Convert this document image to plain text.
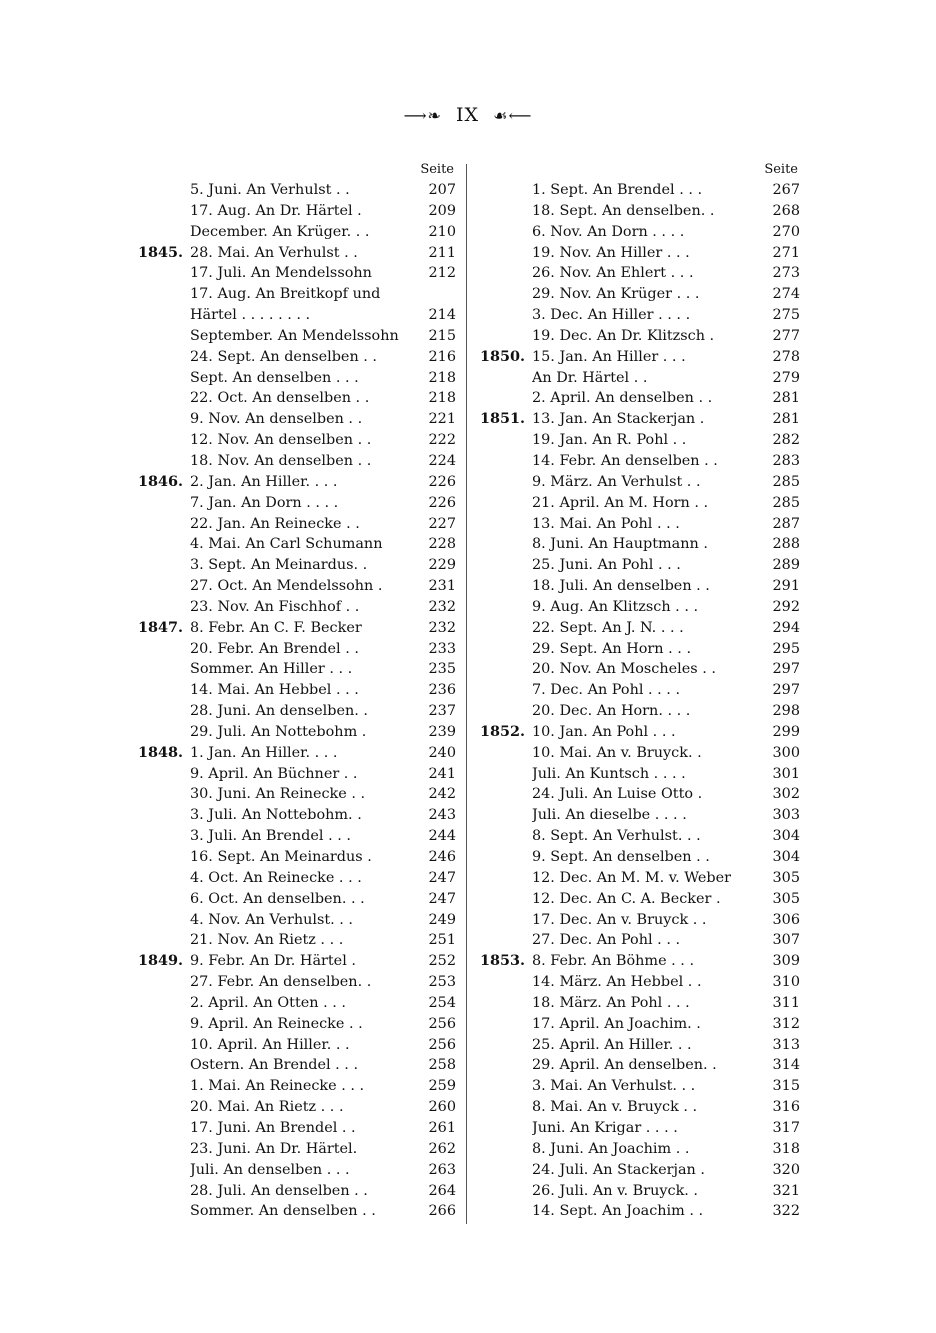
⟶❧ IX ☙⟵
Seite
5. Juni. An Verhulst . .	207
17. Aug. An Dr. Härtel .	209
December. An Krüger. . .	210
1845. 28. Mai. An Verhulst . .	211
17. Juli. An Mendelssohn	212
17. Aug. An Breitkopf und
Härtel . . . . . . . .	214
September. An Mendelssohn	215
24. Sept. An denselben . .	216
Sept. An denselben . . .	218
22. Oct. An denselben . .	218
9. Nov. An denselben . .	221
12. Nov. An denselben . .	222
18. Nov. An denselben . .	224
1846. 2. Jan. An Hiller. . . .	226
7. Jan. An Dorn . . . .	226
22. Jan. An Reinecke . .	227
4. Mai. An Carl Schumann	228
3. Sept. An Meinardus. .	229
27. Oct. An Mendelssohn .	231
23. Nov. An Fischhof . .	232
1847. 8. Febr. An C. F. Becker	232
20. Febr. An Brendel . .	233
Sommer. An Hiller . . .	235
14. Mai. An Hebbel . . .	236
28. Juni. An denselben. .	237
29. Juli. An Nottebohm .	239
1848. 1. Jan. An Hiller. . . .	240
9. April. An Büchner . .	241
30. Juni. An Reinecke . .	242
3. Juli. An Nottebohm. .	243
3. Juli. An Brendel . . .	244
16. Sept. An Meinardus .	246
4. Oct. An Reinecke . . .	247
6. Oct. An denselben. . .	247
4. Nov. An Verhulst. . .	249
21. Nov. An Rietz . . .	251
1849. 9. Febr. An Dr. Härtel .	252
27. Febr. An denselben. .	253
2. April. An Otten . . .	254
9. April. An Reinecke . .	256
10. April. An Hiller. . .	256
Ostern. An Brendel . . .	258
1. Mai. An Reinecke . . .	259
20. Mai. An Rietz . . .	260
17. Juni. An Brendel . .	261
23. Juni. An Dr. Härtel.	262
Juli. An denselben . . .	263
28. Juli. An denselben . .	264
Sommer. An denselben . .	266
Seite
1. Sept. An Brendel . . .	267
18. Sept. An denselben. .	268
6. Nov. An Dorn . . . .	270
19. Nov. An Hiller . . .	271
26. Nov. An Ehlert . . .	273
29. Nov. An Krüger . . .	274
3. Dec. An Hiller . . . .	275
19. Dec. An Dr. Klitzsch .	277
1850. 15. Jan. An Hiller . . .	278
An Dr. Härtel . .	279
2. April. An denselben . .	281
1851. 13. Jan. An Stackerjan .	281
19. Jan. An R. Pohl . .	282
14. Febr. An denselben . .	283
9. März. An Verhulst . .	285
21. April. An M. Horn . .	285
13. Mai. An Pohl . . .	287
8. Juni. An Hauptmann .	288
25. Juni. An Pohl . . .	289
18. Juli. An denselben . .	291
9. Aug. An Klitzsch . . .	292
22. Sept. An J. N. . . .	294
29. Sept. An Horn . . .	295
20. Nov. An Moscheles . .	297
7. Dec. An Pohl . . . .	297
20. Dec. An Horn. . . .	298
1852. 10. Jan. An Pohl . . .	299
10. Mai. An v. Bruyck. .	300
Juli. An Kuntsch . . . .	301
24. Juli. An Luise Otto .	302
Juli. An dieselbe . . . .	303
8. Sept. An Verhulst. . .	304
9. Sept. An denselben . .	304
12. Dec. An M. M. v. Weber	305
12. Dec. An C. A. Becker .	305
17. Dec. An v. Bruyck . .	306
27. Dec. An Pohl . . .	307
1853. 8. Febr. An Böhme . . .	309
14. März. An Hebbel . .	310
18. März. An Pohl . . .	311
17. April. An Joachim. .	312
25. April. An Hiller. . .	313
29. April. An denselben. .	314
3. Mai. An Verhulst. . .	315
8. Mai. An v. Bruyck . .	316
Juni. An Krigar . . . .	317
8. Juni. An Joachim . .	318
24. Juli. An Stackerjan .	320
26. Juli. An v. Bruyck. .	321
14. Sept. An Joachim . .	322
